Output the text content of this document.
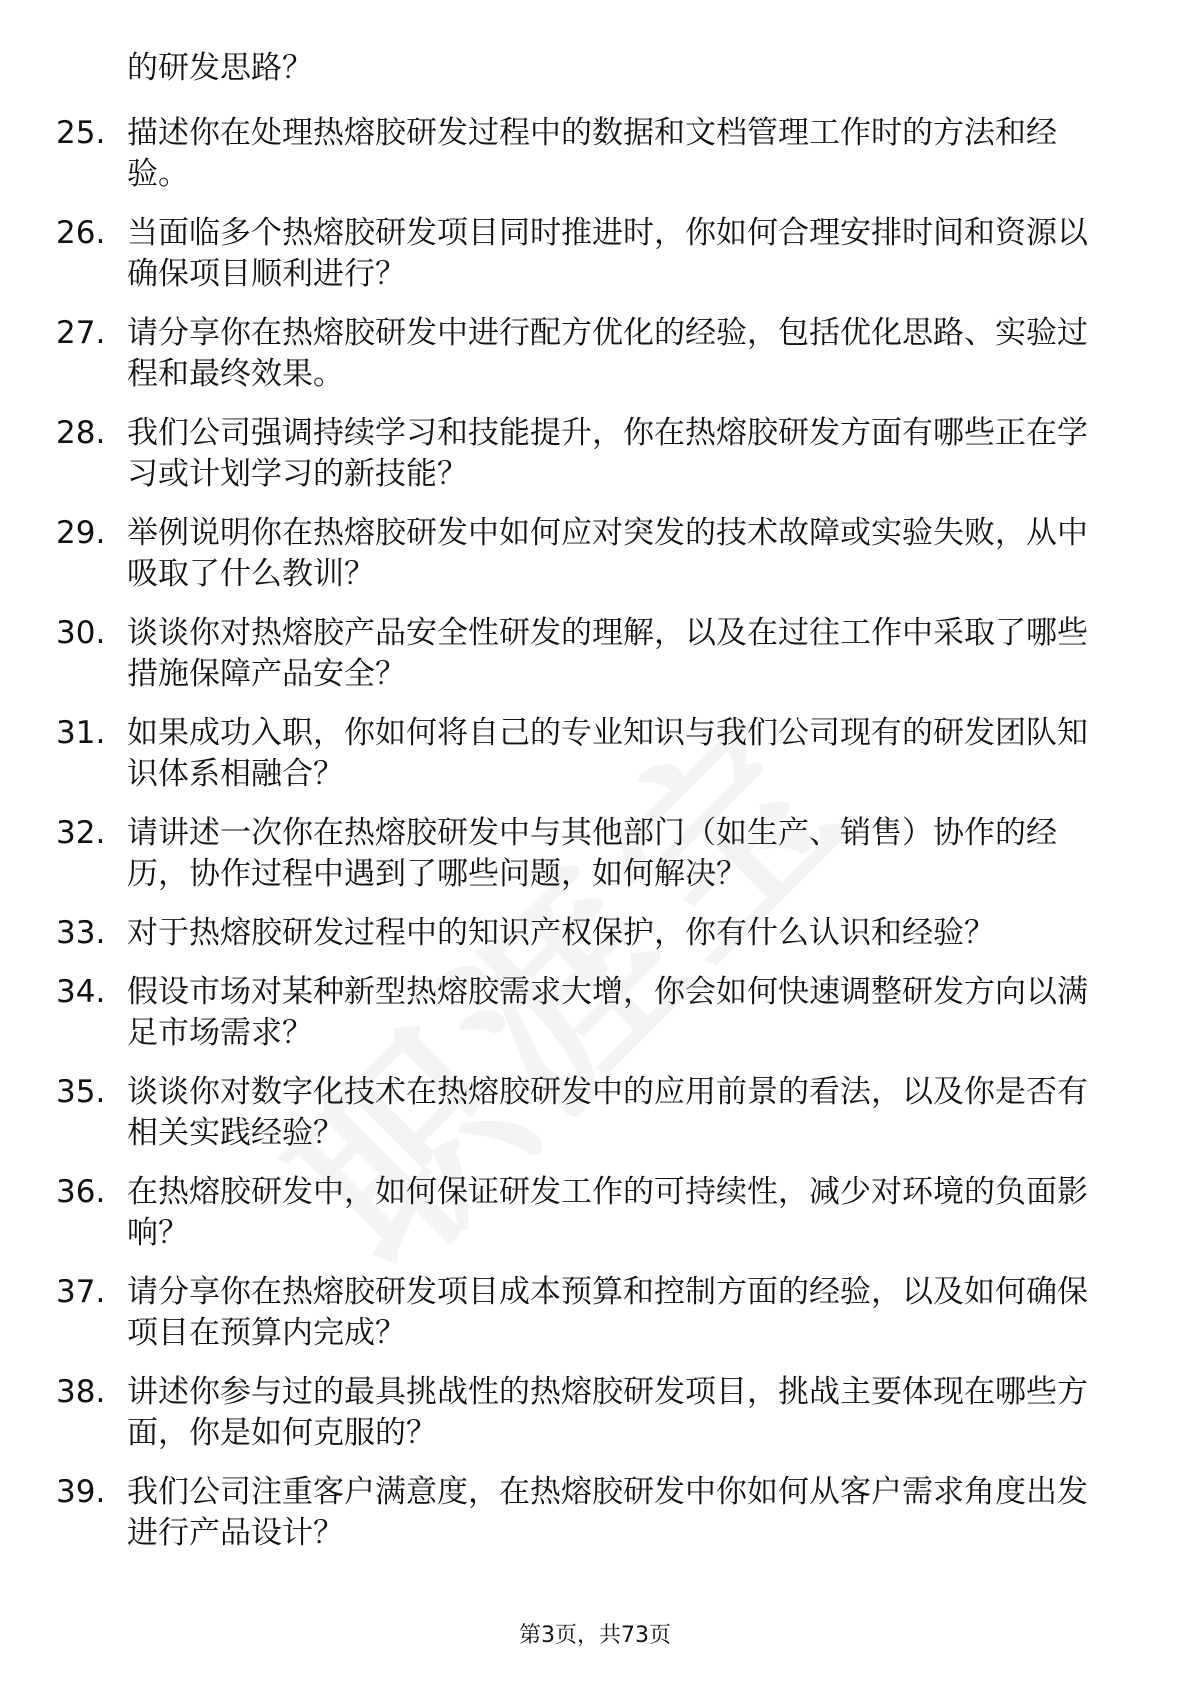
的研发思路？
25. 描述你在处理热熔胶研发过程中的数据和文档管理工作时的方法和经验。
26. 当面临多个热熔胶研发项目同时推进时，你如何合理安排时间和资源以确保项目顺利进行？
27. 请分享你在热熔胶研发中进行配方优化的经验，包括优化思路、实验过程和最终效果。
28. 我们公司强调持续学习和技能提升，你在热熔胶研发方面有哪些正在学习或计划学习的新技能？
29. 举例说明你在热熔胶研发中如何应对突发的技术故障或实验失败，从中吸取了什么教训？
30. 谈谈你对热熔胶产品安全性研发的理解，以及在过往工作中采取了哪些措施保障产品安全？
31. 如果成功入职，你如何将自己的专业知识与我们公司现有的研发团队知识体系相融合？
32. 请讲述一次你在热熔胶研发中与其他部门（如生产、销售）协作的经历，协作过程中遇到了哪些问题，如何解决？
33. 对于热熔胶研发过程中的知识产权保护，你有什么认识和经验？
34. 假设市场对某种新型热熔胶需求大增，你会如何快速调整研发方向以满足市场需求？
35. 谈谈你对数字化技术在热熔胶研发中的应用前景的看法，以及你是否有相关实践经验？
36. 在热熔胶研发中，如何保证研发工作的可持续性，减少对环境的负面影响？
37. 请分享你在热熔胶研发项目成本预算和控制方面的经验，以及如何确保项目在预算内完成？
38. 讲述你参与过的最具挑战性的热熔胶研发项目，挑战主要体现在哪些方面，你是如何克服的？
39. 我们公司注重客户满意度，在热熔胶研发中你如何从客户需求角度出发进行产品设计？
第3页，共73页
